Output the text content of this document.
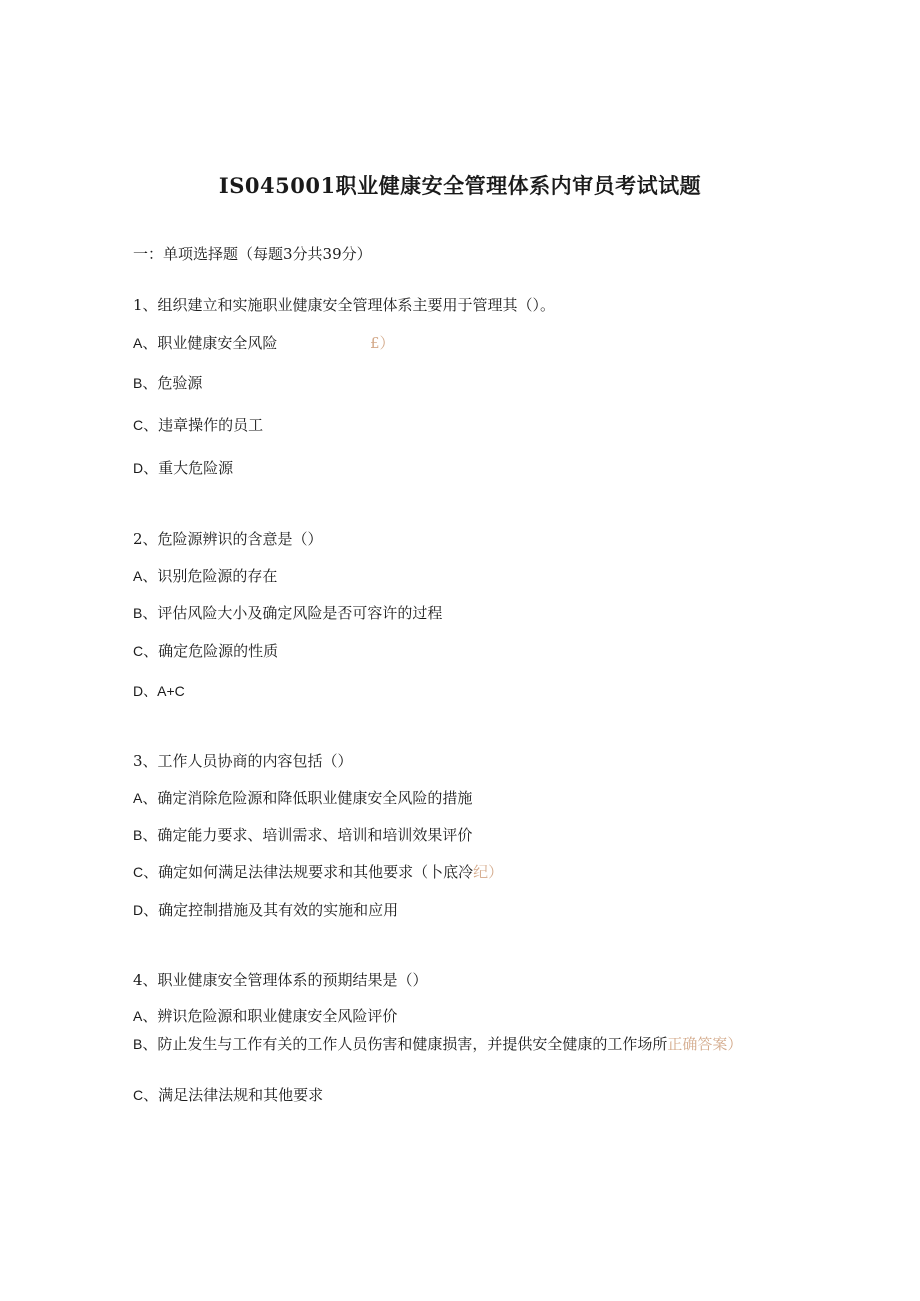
IS045001职业健康安全管理体系内审员考试试题
一：单项选择题（每题3分共39分）
1、组织建立和实施职业健康安全管理体系主要用于管理其（）。
A、职业健康安全风险	£）
B、危验源
C、违章操作的员工
D、重大危险源
2、危险源辨识的含意是（）
A、识别危险源的存在
B、评估风险大小及确定风险是否可容许的过程
C、确定危险源的性质
D、A+C
3、工作人员协商的内容包括（）
A、确定消除危险源和降低职业健康安全风险的措施
B、确定能力要求、培训需求、培训和培训效果评价
C、确定如何满足法律法规要求和其他要求（卜底冷纪）
D、确定控制措施及其有效的实施和应用
4、职业健康安全管理体系的预期结果是（）
A、辨识危险源和职业健康安全风险评价
B、防止发生与工作有关的工作人员伤害和健康损害，并提供安全健康的工作场所正确答案）
C、满足法律法规和其他要求
